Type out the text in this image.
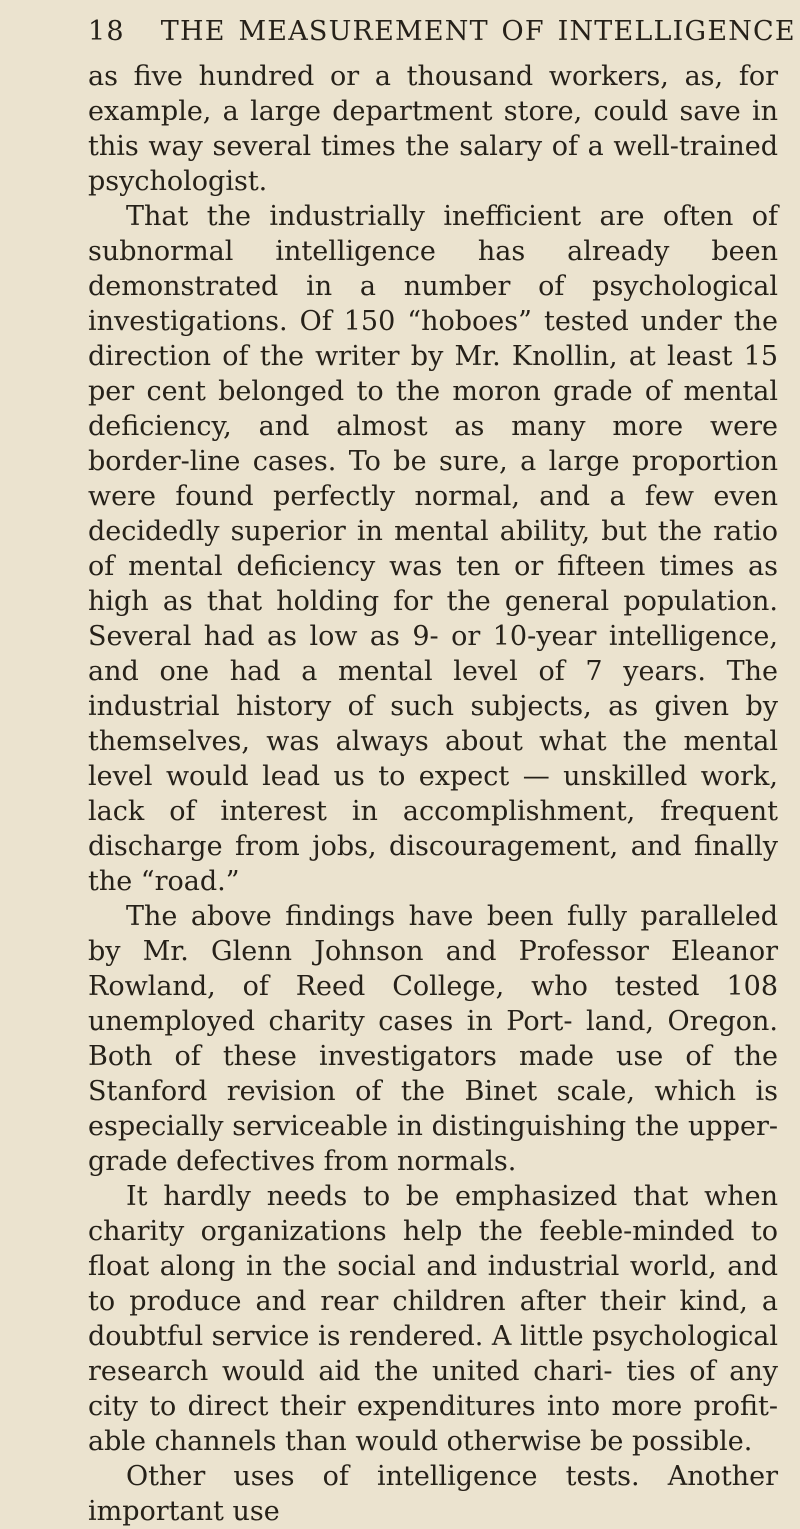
18 THE MEASUREMENT OF INTELLIGENCE

as five hundred or a thousand workers, as, for example, a large department store, could save in this way several times the salary of a well-trained psychologist.

That the industrially inefficient are often of subnormal intelligence has already been demonstrated in a number of psychological investigations. Of 150 “hoboes” tested under the direction of the writer by Mr. Knollin, at least 15 per cent belonged to the moron grade of mental deficiency, and almost as many more were border-line cases. To be sure, a large proportion were found perfectly normal, and a few even decidedly superior in mental ability, but the ratio of mental deficiency was ten or fifteen times as high as that holding for the general population. Several had as low as 9- or 10-year intelligence, and one had a mental level of 7 years. The industrial history of such subjects, as given by themselves, was always about what the mental level would lead us to expect — unskilled work, lack of interest in accomplishment, frequent discharge from jobs, discouragement, and finally the “road.”

The above findings have been fully paralleled by Mr. Glenn Johnson and Professor Eleanor Rowland, of Reed College, who tested 108 unemployed charity cases in Port- land, Oregon. Both of these investigators made use of the Stanford revision of the Binet scale, which is especially serviceable in distinguishing the upper-grade defectives from normals.

It hardly needs to be emphasized that when charity organizations help the feeble-minded to float along in the social and industrial world, and to produce and rear children after their kind, a doubtful service is rendered. A little psychological research would aid the united chari- ties of any city to direct their expenditures into more profit- able channels than would otherwise be possible.

Other uses of intelligence tests. Another important use
